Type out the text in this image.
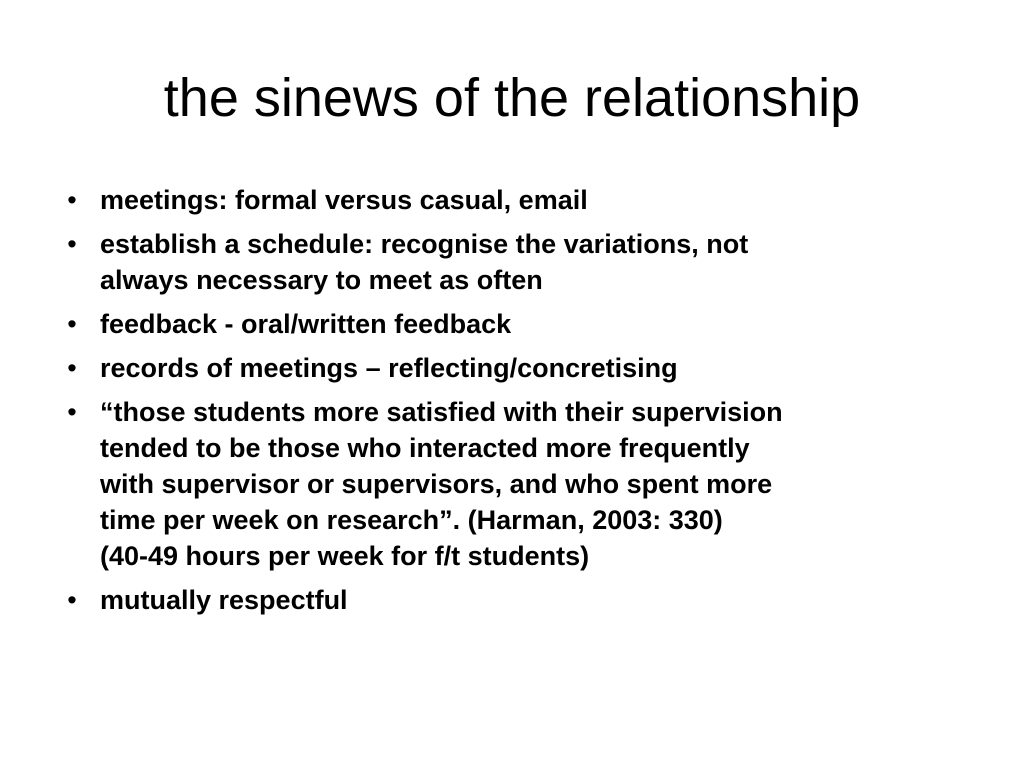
the sinews of the relationship
• meetings: formal versus casual, email
• establish a schedule: recognise the variations, not
always necessary to meet as often
• feedback - oral/written feedback
• records of meetings – reflecting/concretising
• “those students more satisfied with their supervision
tended to be those who interacted more frequently
with supervisor or supervisors, and who spent more
time per week on research”. (Harman, 2003: 330)
(40-49 hours per week for f/t students)
• mutually respectful
